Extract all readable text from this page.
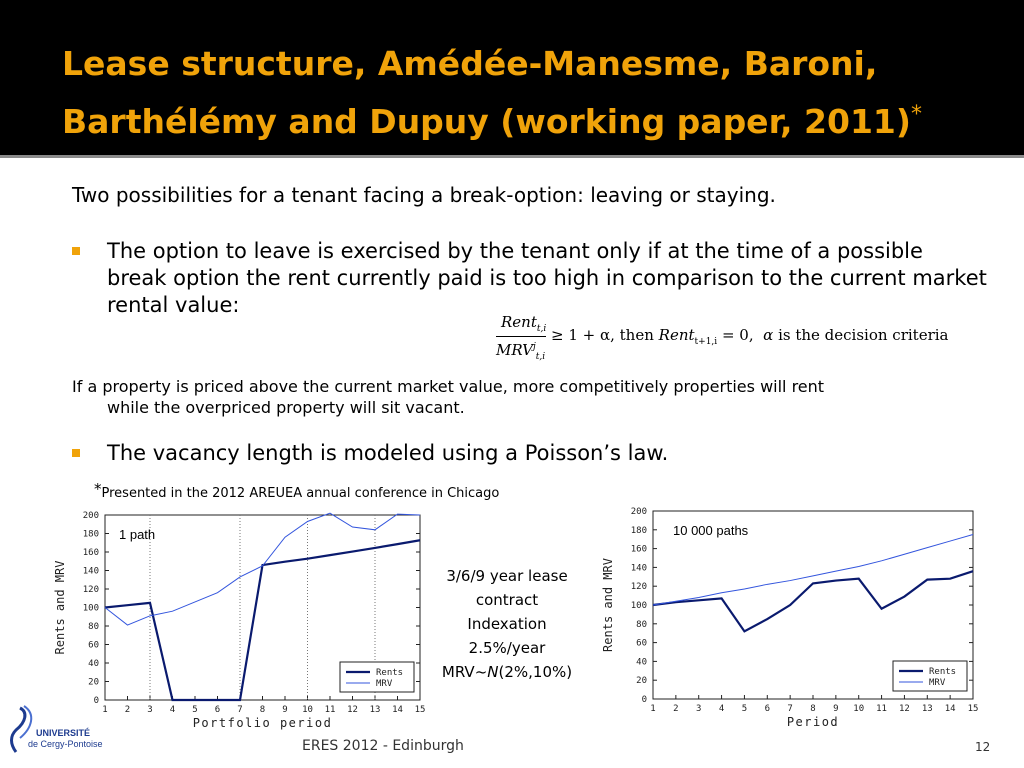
Lease structure, Amédée-Manesme, Baroni, Barthélémy and Dupuy (working paper, 2011)*
Two possibilities for a tenant facing a break-option: leaving or staying.
The option to leave is exercised by the tenant only if at the time of a possible break option the rent currently paid is too high in comparison to the current market rental value:
Rent$_{t,i}$
$MRV^j_{t,i}$
≥ 1 + α, then Rent$_{t+1,i}$ = 0, α is the decision criteria
If a property is priced above the current market value, more competitively properties will rent
while the overpriced property will sit vacant.
The vacancy length is modeled using a Poisson’s law.
*Presented in the 2012 AREUEA annual conference in Chicago
0
20
40
60
80
100
120
140
160
180
200
1 2 3 4 5 6 7 8 9 10 11 12 13 14 15
1 path
Portfolio period
Rents and MRV
Rents
MRV
0
20
40
60
80
100
120
140
160
180
200
1 2 3 4 5 6 7 8 9 10 11 12 13 14 15
10 000 paths
Period
Rents and MRV
Rents
MRV
3/6/9 year lease
contract
Indexation
2.5%/year
MRV~N(2%,10%)
UNIVERSITÉ
de Cergy-Pontoise	ERES 2012 - Edinburgh	12
